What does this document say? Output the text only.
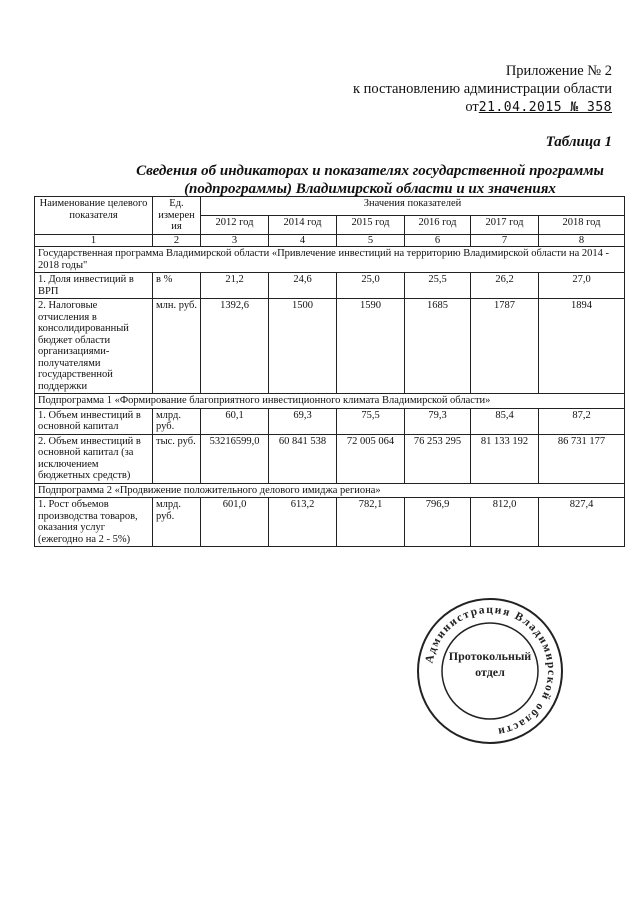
Приложение № 2
к постановлению администрации области
от21.04.2015 № 358
Таблица 1
Сведения об индикаторах и показателях государственной программы
(подпрограммы) Владимирской области и их значениях
Наименование целевого показателя	Ед. измерен ия	Значения показателей					
		2012 год	2014 год	2015 год	2016 год	2017 год	2018 год
1	2	3	4	5	6	7	8
Государственная программа Владимирской области «Привлечение инвестиций на территорию Владимирской области на 2014 - 2018 годы"							
1. Доля инвестиций в ВРП	в %	21,2	24,6	25,0	25,5	26,2	27,0
2. Налоговые отчисления в консолидированный бюджет области организациями-получателями государственной поддержки	млн. руб.	1392,6	1500	1590	1685	1787	1894
Подпрограмма 1 «Формирование благоприятного инвестиционного климата Владимирской области»							
1. Объем инвестиций в основной капитал	млрд. руб.	60,1	69,3	75,5	79,3	85,4	87,2
2. Объем инвестиций в основной капитал (за исключением бюджетных средств)	тыс. руб.	53216599,0	60 841 538	72 005 064	76 253 295	81 133 192	86 731 177
Подпрограмма 2 «Продвижение положительного делового имиджа региона»							
1. Рост объемов производства товаров, оказания услуг (ежегодно на 2 - 5%)	млрд. руб.	601,0	613,2	782,1	796,9	812,0	827,4
Администрация Владимирской области
Протокольный
отдел
